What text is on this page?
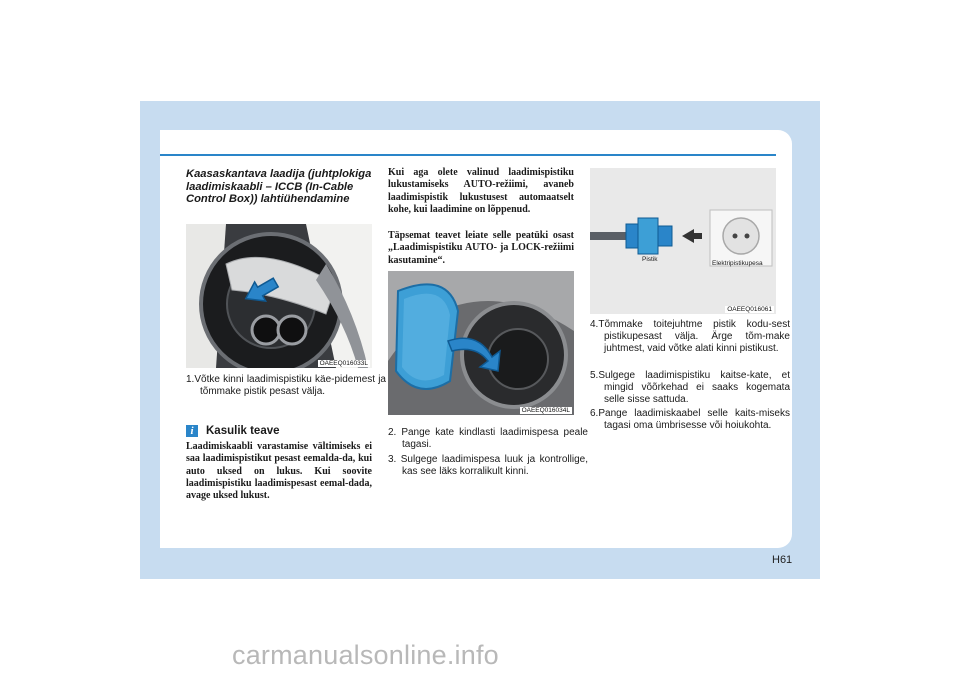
Kaasaskantava laadija (juhtplokiga laadimiskaabli – ICCB (In-Cable Control Box)) lahtiühendamine
OAEEQ016033L
1.Võtke kinni laadimispistiku käe-pidemest ja tõmmake pistik pesast välja.
i	Kasulik teave
Laadimiskaabli varastamise vältimiseks ei saa laadimispistikut pesast eemalda-da, kui auto uksed on lukus. Kui soovite laadimispistiku laadimispesast eemal-dada, avage uksed lukust.
Kui aga olete valinud laadimispistiku lukustamiseks AUTO-režiimi, avaneb laadimispistik lukustusest automaatselt kohe, kui laadimine on lõppenud.
Täpsemat teavet leiate selle peatüki osast „Laadimispistiku AUTO- ja LOCK-režiimi kasutamine“.
OAEEQ016034L
2. Pange kate kindlasti laadimispesa peale tagasi.
3. Sulgege laadimispesa luuk ja kontrollige, kas see läks korralikult kinni.
Pistik
Elektripistikupesa
OAEEQ016061
4.Tõmmake toitejuhtme pistik kodu-sest pistikupesast välja. Ärge tõm-make juhtmest, vaid võtke alati kinni pistikust.
5.Sulgege laadimispistiku kaitse-kate, et mingid võõrkehad ei saaks kogemata selle sisse sattuda.
6.Pange laadimiskaabel selle kaits-miseks tagasi oma ümbrisesse või hoiukohta.
H61
carmanualsonline.info
